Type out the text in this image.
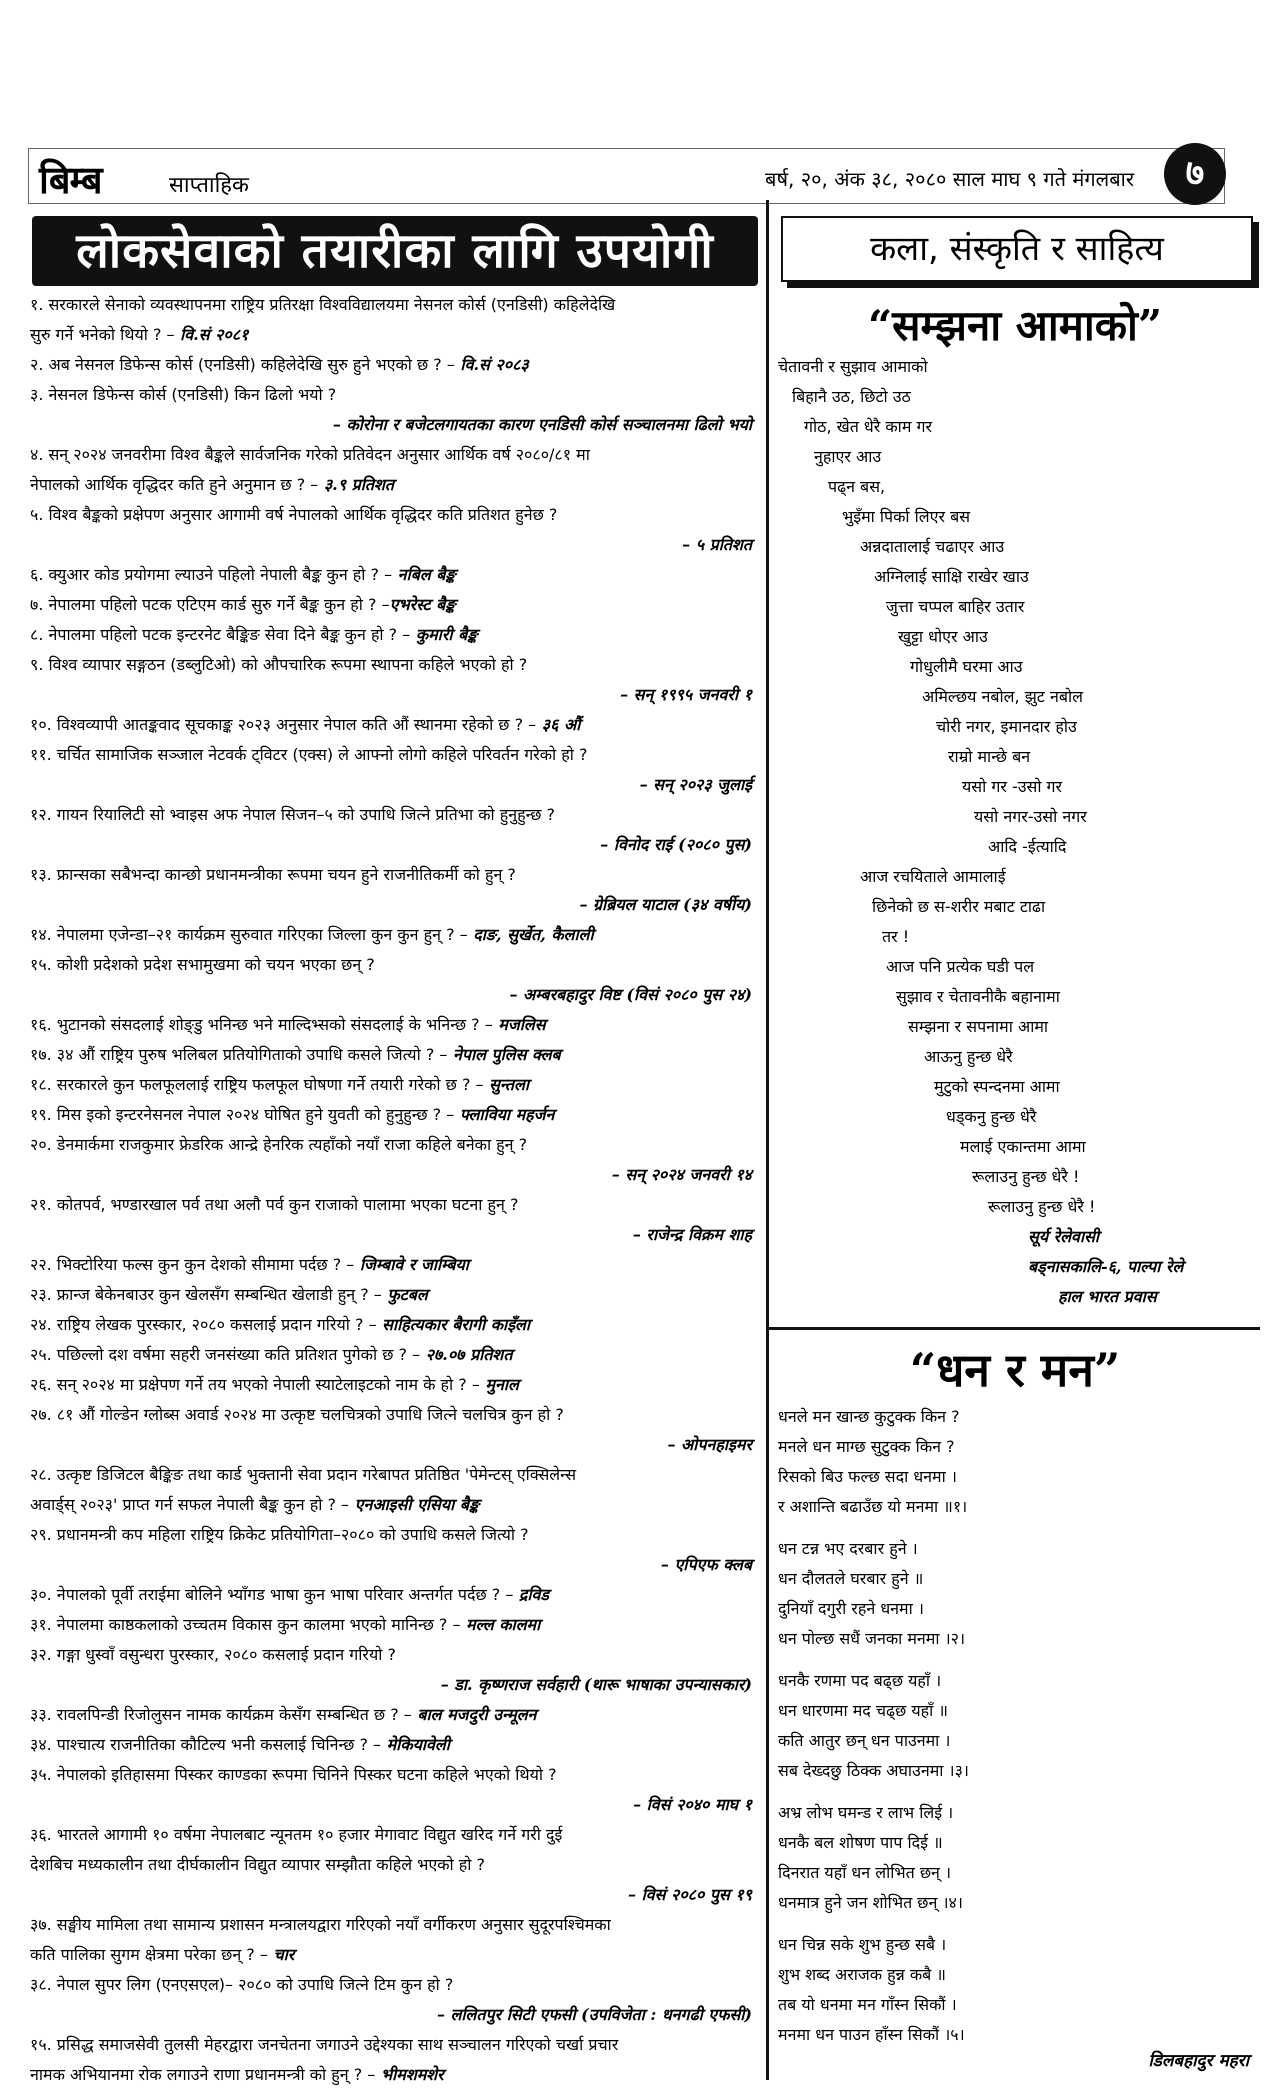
बिम्ब	साप्ताहिक	बर्ष, २०, अंक ३८, २०८० साल माघ ९ गते मंगलबार	७
लोकसेवाको तयारीका लागि उपयोगी	कला, संस्कृति र साहित्य
१. सरकारले सेनाको व्यवस्थापनमा राष्ट्रिय प्रतिरक्षा विश्वविद्यालयमा नेसनल कोर्स (एनडिसी) कहिलेदेखि
सुरु गर्ने भनेको थियो ? – वि.सं २०८१
२. अब नेसनल डिफेन्स कोर्स (एनडिसी) कहिलेदेखि सुरु हुने भएको छ ? – वि.सं २०८३
३. नेसनल डिफेन्स कोर्स (एनडिसी) किन ढिलो भयो ?
– कोरोना र बजेटलगायतका कारण एनडिसी कोर्स सञ्चालनमा ढिलो भयो
४. सन् २०२४ जनवरीमा विश्व बैङ्कले सार्वजनिक गरेको प्रतिवेदन अनुसार आर्थिक वर्ष २०८०/८१ मा
नेपालको आर्थिक वृद्धिदर कति हुने अनुमान छ ? – ३.९ प्रतिशत
५. विश्व बैङ्कको प्रक्षेपण अनुसार आगामी वर्ष नेपालको आर्थिक वृद्धिदर कति प्रतिशत हुनेछ ?
– ५ प्रतिशत
६. क्युआर कोड प्रयोगमा ल्याउने पहिलो नेपाली बैङ्क कुन हो ? – नबिल बैङ्क
७. नेपालमा पहिलो पटक एटिएम कार्ड सुरु गर्ने बैङ्क कुन हो ? –एभरेस्ट बैङ्क
८. नेपालमा पहिलो पटक इन्टरनेट बैङ्किङ सेवा दिने बैङ्क कुन हो ? – कुमारी बैङ्क
९. विश्व व्यापार सङ्गठन (डब्लुटिओ) को औपचारिक रूपमा स्थापना कहिले भएको हो ?
– सन् १९९५ जनवरी १
१०. विश्वव्यापी आतङ्कवाद सूचकाङ्क २०२३ अनुसार नेपाल कति औं स्थानमा रहेको छ ? – ३६ औं
११. चर्चित सामाजिक सञ्जाल नेटवर्क ट्विटर (एक्स) ले आफ्नो लोगो कहिले परिवर्तन गरेको हो ?
– सन् २०२३ जुलाई
१२. गायन रियालिटी सो भ्वाइस अफ नेपाल सिजन–५ को उपाधि जित्ने प्रतिभा को हुनुहुन्छ ?
– विनोद राई (२०८० पुस)
१३. फ्रान्सका सबैभन्दा कान्छो प्रधानमन्त्रीका रूपमा चयन हुने राजनीतिकर्मी को हुन् ?
– ग्रेब्रियल याटाल (३४ वर्षीय)
१४. नेपालमा एजेन्डा–२१ कार्यक्रम सुरुवात गरिएका जिल्ला कुन कुन हुन् ? – दाङ, सुर्खेत, कैलाली
१५. कोशी प्रदेशको प्रदेश सभामुखमा को चयन भएका छन् ?
– अम्बरबहादुर विष्ट (विसं २०८० पुस २४)
१६. भुटानको संसदलाई शोङ्डु भनिन्छ भने माल्दिभ्सको संसदलाई के भनिन्छ ? – मजलिस
१७. ३४ औं राष्ट्रिय पुरुष भलिबल प्रतियोगिताको उपाधि कसले जित्यो ? – नेपाल पुलिस क्लब
१८. सरकारले कुन फलफूललाई राष्ट्रिय फलफूल घोषणा गर्ने तयारी गरेको छ ? – सुन्तला
१९. मिस इको इन्टरनेसनल नेपाल २०२४ घोषित हुने युवती को हुनुहुन्छ ? – फ्लाविया महर्जन
२०. डेनमार्कमा राजकुमार फ्रेडरिक आन्द्रे हेनरिक त्यहाँको नयाँ राजा कहिले बनेका हुन् ?
– सन् २०२४ जनवरी १४
२१. कोतपर्व, भण्डारखाल पर्व तथा अलौ पर्व कुन राजाको पालामा भएका घटना हुन् ?
– राजेन्द्र विक्रम शाह
२२. भिक्टोरिया फल्स कुन कुन देशको सीमामा पर्दछ ? – जिम्बावे र जाम्बिया
२३. फ्रान्ज बेकेनबाउर कुन खेलसँग सम्बन्धित खेलाडी हुन् ? – फुटबल
२४. राष्ट्रिय लेखक पुरस्कार, २०८० कसलाई प्रदान गरियो ? – साहित्यकार बैरागी काइँला
२५. पछिल्लो दश वर्षमा सहरी जनसंख्या कति प्रतिशत पुगेको छ ? – २७.०७ प्रतिशत
२६. सन् २०२४ मा प्रक्षेपण गर्ने तय भएको नेपाली स्याटेलाइटको नाम के हो ? – मुनाल
२७. ८१ औं गोल्डेन ग्लोब्स अवार्ड २०२४ मा उत्कृष्ट चलचित्रको उपाधि जित्ने चलचित्र कुन हो ?
– ओपनहाइमर
२८. उत्कृष्ट डिजिटल बैङ्किङ तथा कार्ड भुक्तानी सेवा प्रदान गरेबापत प्रतिष्ठित 'पेमेन्टस् एक्सिलेन्स
अवार्ड्स् २०२३' प्राप्त गर्न सफल नेपाली बैङ्क कुन हो ? – एनआइसी एसिया बैङ्क
२९. प्रधानमन्त्री कप महिला राष्ट्रिय क्रिकेट प्रतियोगिता–२०८० को उपाधि कसले जित्यो ?
– एपिएफ क्लब
३०. नेपालको पूर्वी तराईमा बोलिने भ्याँगड भाषा कुन भाषा परिवार अन्तर्गत पर्दछ ? – द्रविड
३१. नेपालमा काष्ठकलाको उच्चतम विकास कुन कालमा भएको मानिन्छ ? – मल्ल कालमा
३२. गङ्गा धुस्वाँ वसुन्धरा पुरस्कार, २०८० कसलाई प्रदान गरियो ?
– डा. कृष्णराज सर्वहारी (थारू भाषाका उपन्यासकार)
३३. रावलपिन्डी रिजोलुसन नामक कार्यक्रम केसँग सम्बन्धित छ ? – बाल मजदुरी उन्मूलन
३४. पाश्चात्य राजनीतिका कौटिल्य भनी कसलाई चिनिन्छ ? – मेकियावेली
३५. नेपालको इतिहासमा पिस्कर काण्डका रूपमा चिनिने पिस्कर घटना कहिले भएको थियो ?
– विसं २०४० माघ १
३६. भारतले आगामी १० वर्षमा नेपालबाट न्यूनतम १० हजार मेगावाट विद्युत खरिद गर्ने गरी दुई
देशबिच मध्यकालीन तथा दीर्घकालीन विद्युत व्यापार सम्झौता कहिले भएको हो ?
– विसं २०८० पुस १९
३७. सङ्घीय मामिला तथा सामान्य प्रशासन मन्त्रालयद्वारा गरिएको नयाँ वर्गीकरण अनुसार सुदूरपश्चिमका
कति पालिका सुगम क्षेत्रमा परेका छन् ? – चार
३८. नेपाल सुपर लिग (एनएसएल)– २०८० को उपाधि जित्ने टिम कुन हो ?
– ललितपुर सिटी एफसी (उपविजेता : धनगढी एफसी)
१५. प्रसिद्ध समाजसेवी तुलसी मेहरद्वारा जनचेतना जगाउने उद्देश्यका साथ सञ्चालन गरिएको चर्खा प्रचार
नामक अभियानमा रोक लगाउने राणा प्रधानमन्त्री को हुन् ? – भीमशमशेर
“सम्झना आमाको”
चेतावनी र सुझाव आमाको
बिहानै उठ, छिटो उठ
गोठ, खेत धेरै काम गर
नुहाएर आउ
पढ्न बस,
भुइँमा पिर्का लिएर बस
अन्नदातालाई चढाएर आउ
अग्निलाई साक्षि राखेर खाउ
जुत्ता चप्पल बाहिर उतार
खुट्टा धोएर आउ
गोधुलीमै घरमा आउ
अमिल्छय नबोल, झुट नबोल
चोरी नगर, इमानदार होउ
राम्रो मान्छे बन
यसो गर -उसो गर
यसो नगर-उसो नगर
आदि -ईत्यादि
आज रचयिताले आमालाई
छिनेको छ स-शरीर मबाट टाढा
तर !
आज पनि प्रत्येक घडी पल
सुझाव र चेतावनीकै बहानामा
सम्झना र सपनामा आमा
आऊनु हुन्छ धेरै
मुटुको स्पन्दनमा आमा
धड्कनु हुन्छ धेरै
मलाई एकान्तमा आमा
रूलाउनु हुन्छ धेरै !
रूलाउनु हुन्छ धेरै !
सूर्य रेलेवासी
बड्नासकालि-६, पाल्पा रेले
हाल भारत प्रवास
“धन र मन”
धनले मन खान्छ कुटुक्क किन ?
मनले धन माग्छ सुटुक्क किन ?
रिसको बिउ फल्छ सदा धनमा ।
र अशान्ति बढाउँछ यो मनमा ॥१।
धन टन्न भए दरबार हुने ।
धन दौलतले घरबार हुने ॥
दुनियाँ दगुरी रहने धनमा ।
धन पोल्छ सधैं जनका मनमा ।२।
धनकै रणमा पद बढ्छ यहाँ ।
धन धारणमा मद चढ्छ यहाँ ॥
कति आतुर छन् धन पाउनमा ।
सब देख्दछु ठिक्क अघाउनमा ।३।
अभ्र लोभ घमन्ड र लाभ लिई ।
धनकै बल शोषण पाप दिई ॥
दिनरात यहाँ धन लोभित छन् ।
धनमात्र हुने जन शोभित छन् ।४।
धन चिन्न सके शुभ हुन्छ सबै ।
शुभ शब्द अराजक हुन्न कबै ॥
तब यो धनमा मन गाँस्न सिकौं ।
मनमा धन पाउन हाँस्न सिकौं ।५।
डिलबहादुर महरा
